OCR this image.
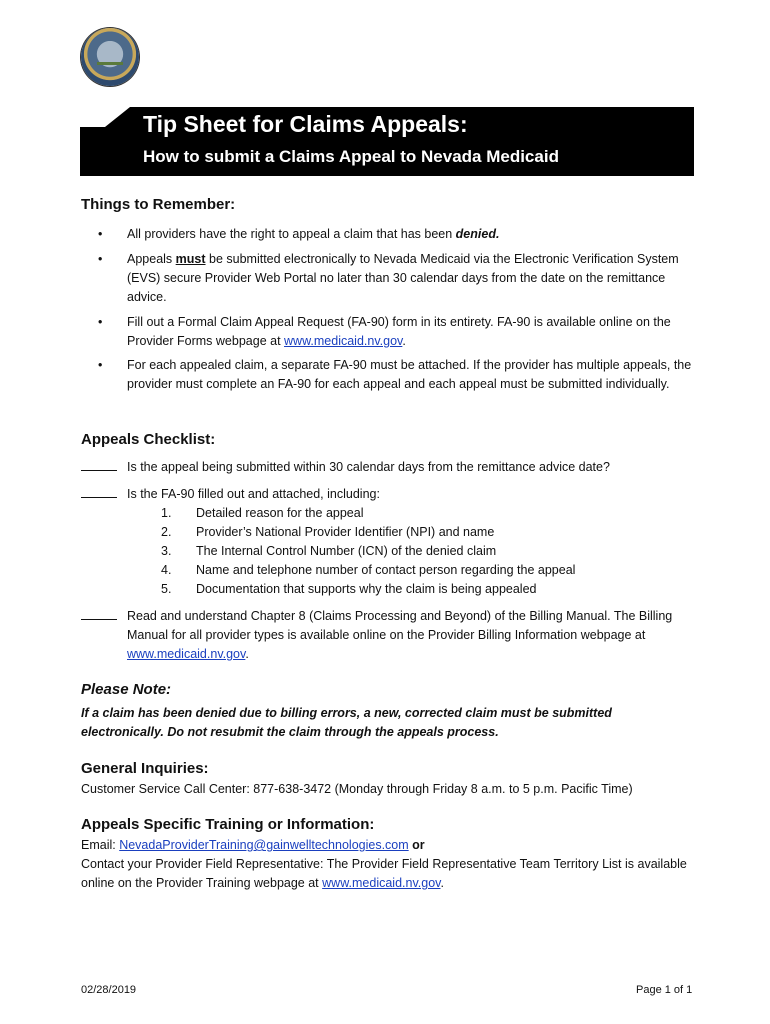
Tip Sheet for Claims Appeals:
How to submit a Claims Appeal to Nevada Medicaid
Things to Remember:
• All providers have the right to appeal a claim that has been denied.
• Appeals must be submitted electronically to Nevada Medicaid via the Electronic Verification System (EVS) secure Provider Web Portal no later than 30 calendar days from the date on the remittance advice.
• Fill out a Formal Claim Appeal Request (FA-90) form in its entirety. FA-90 is available online on the Provider Forms webpage at www.medicaid.nv.gov.
• For each appealed claim, a separate FA-90 must be attached. If the provider has multiple appeals, the provider must complete an FA-90 for each appeal and each appeal must be submitted individually.
Appeals Checklist:
Is the appeal being submitted within 30 calendar days from the remittance advice date?
Is the FA-90 filled out and attached, including:
1. Detailed reason for the appeal
2. Provider’s National Provider Identifier (NPI) and name
3. The Internal Control Number (ICN) of the denied claim
4. Name and telephone number of contact person regarding the appeal
5. Documentation that supports why the claim is being appealed
Read and understand Chapter 8 (Claims Processing and Beyond) of the Billing Manual. The Billing Manual for all provider types is available online on the Provider Billing Information webpage at www.medicaid.nv.gov.
Please Note:
If a claim has been denied due to billing errors, a new, corrected claim must be submitted electronically. Do not resubmit the claim through the appeals process.
General Inquiries:
Customer Service Call Center: 877-638-3472 (Monday through Friday 8 a.m. to 5 p.m. Pacific Time)
Appeals Specific Training or Information:
Email: NevadaProviderTraining@gainwelltechnologies.com or
Contact your Provider Field Representative: The Provider Field Representative Team Territory List is available online on the Provider Training webpage at www.medicaid.nv.gov.
02/28/2019	Page 1 of 1
